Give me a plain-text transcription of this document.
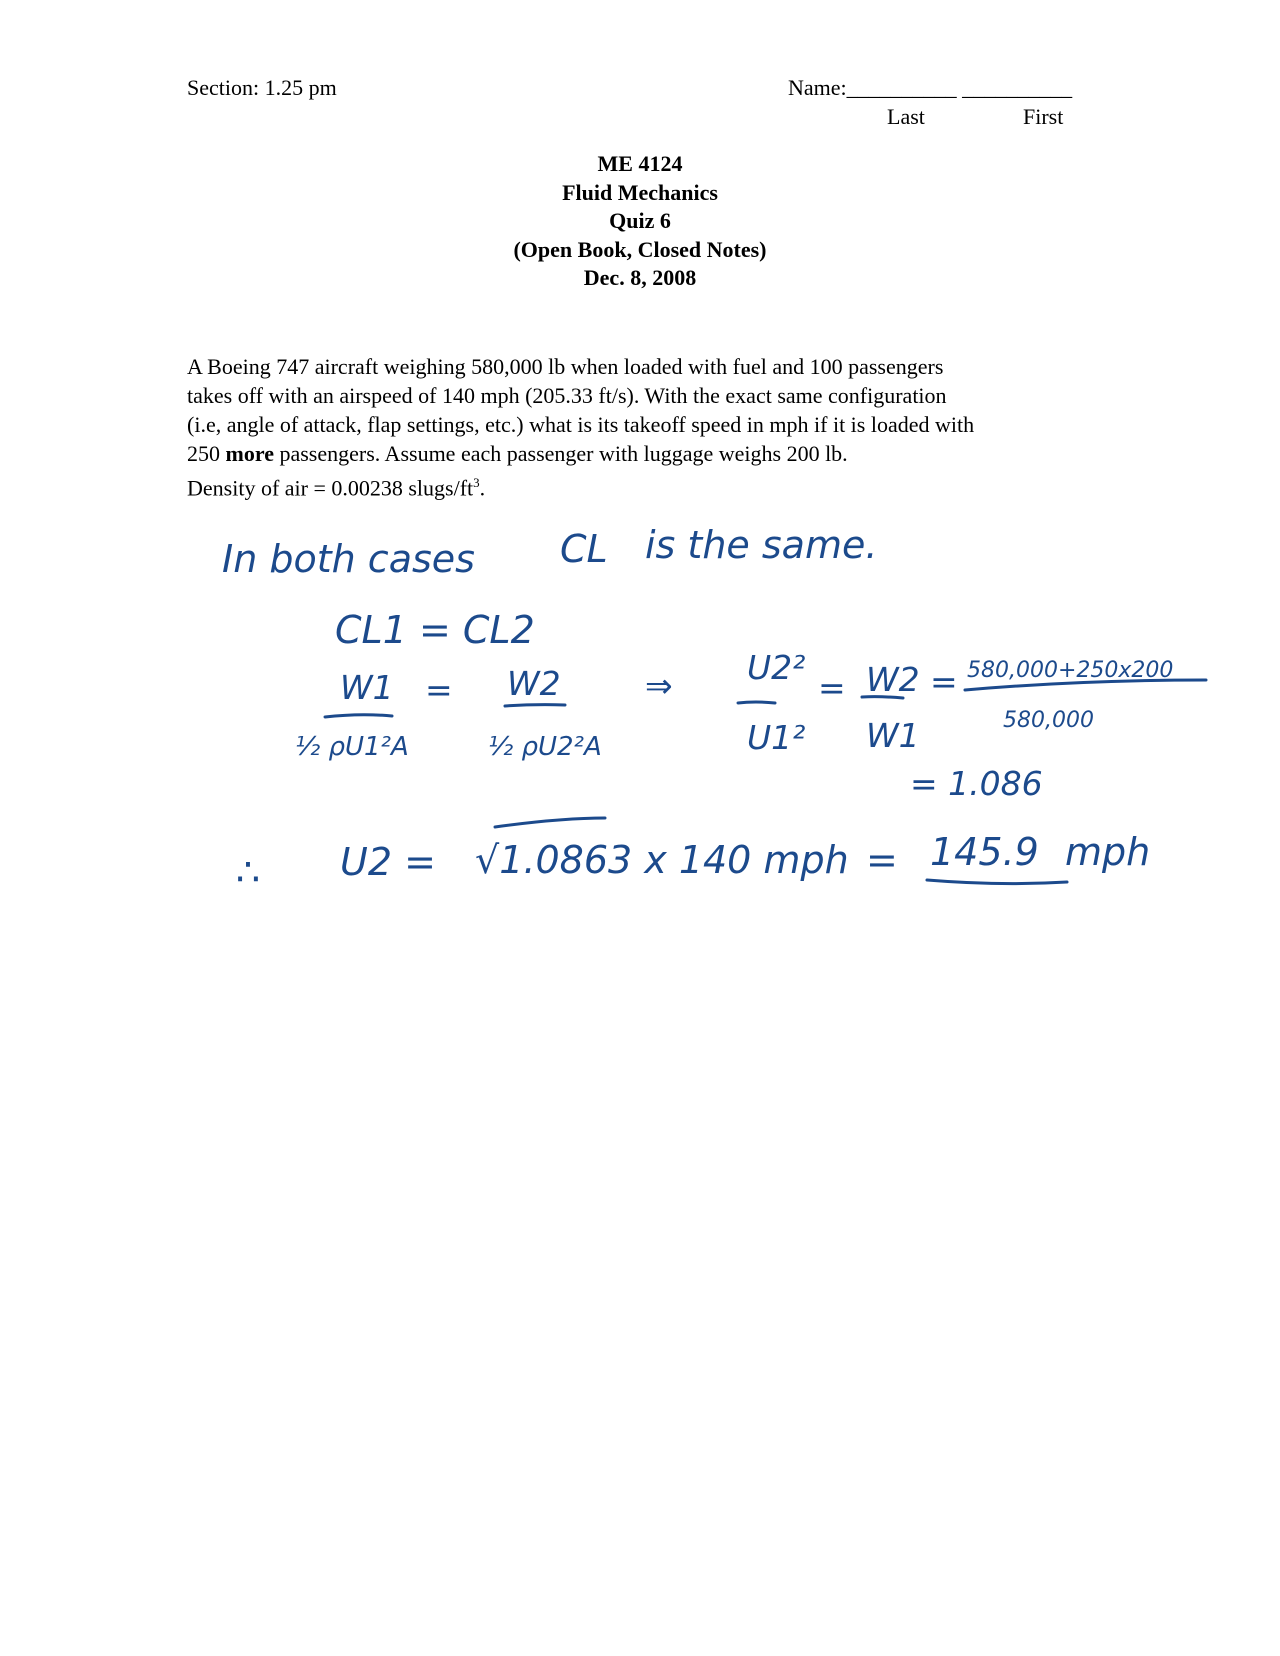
Section: 1.25 pm	Name:__________ __________
Last	First
ME 4124
Fluid Mechanics
Quiz 6
(Open Book, Closed Notes)
Dec. 8, 2008

A Boeing 747 aircraft weighing 580,000 lb when loaded with fuel and 100 passengers

takes off with an airspeed of 140 mph (205.33 ft/s). With the exact same configuration

(i.e, angle of attack, flap settings, etc.) what is its takeoff speed in mph if it is loaded with

250 more passengers. Assume each passenger with luggage weighs 200 lb.

Density of air = 0.00238 slugs/$ft^3$.

In both cases CL is the same.
CL1 = CL2
W1 = W2
½ ρU1²A	½ ρU2²A
⇒ U2²
=
U1²
W2
W1
= 580,000+250x200
580,000
= 1.086
∴ U2 = √1.0863 x 140 mph = 145.9 mph
